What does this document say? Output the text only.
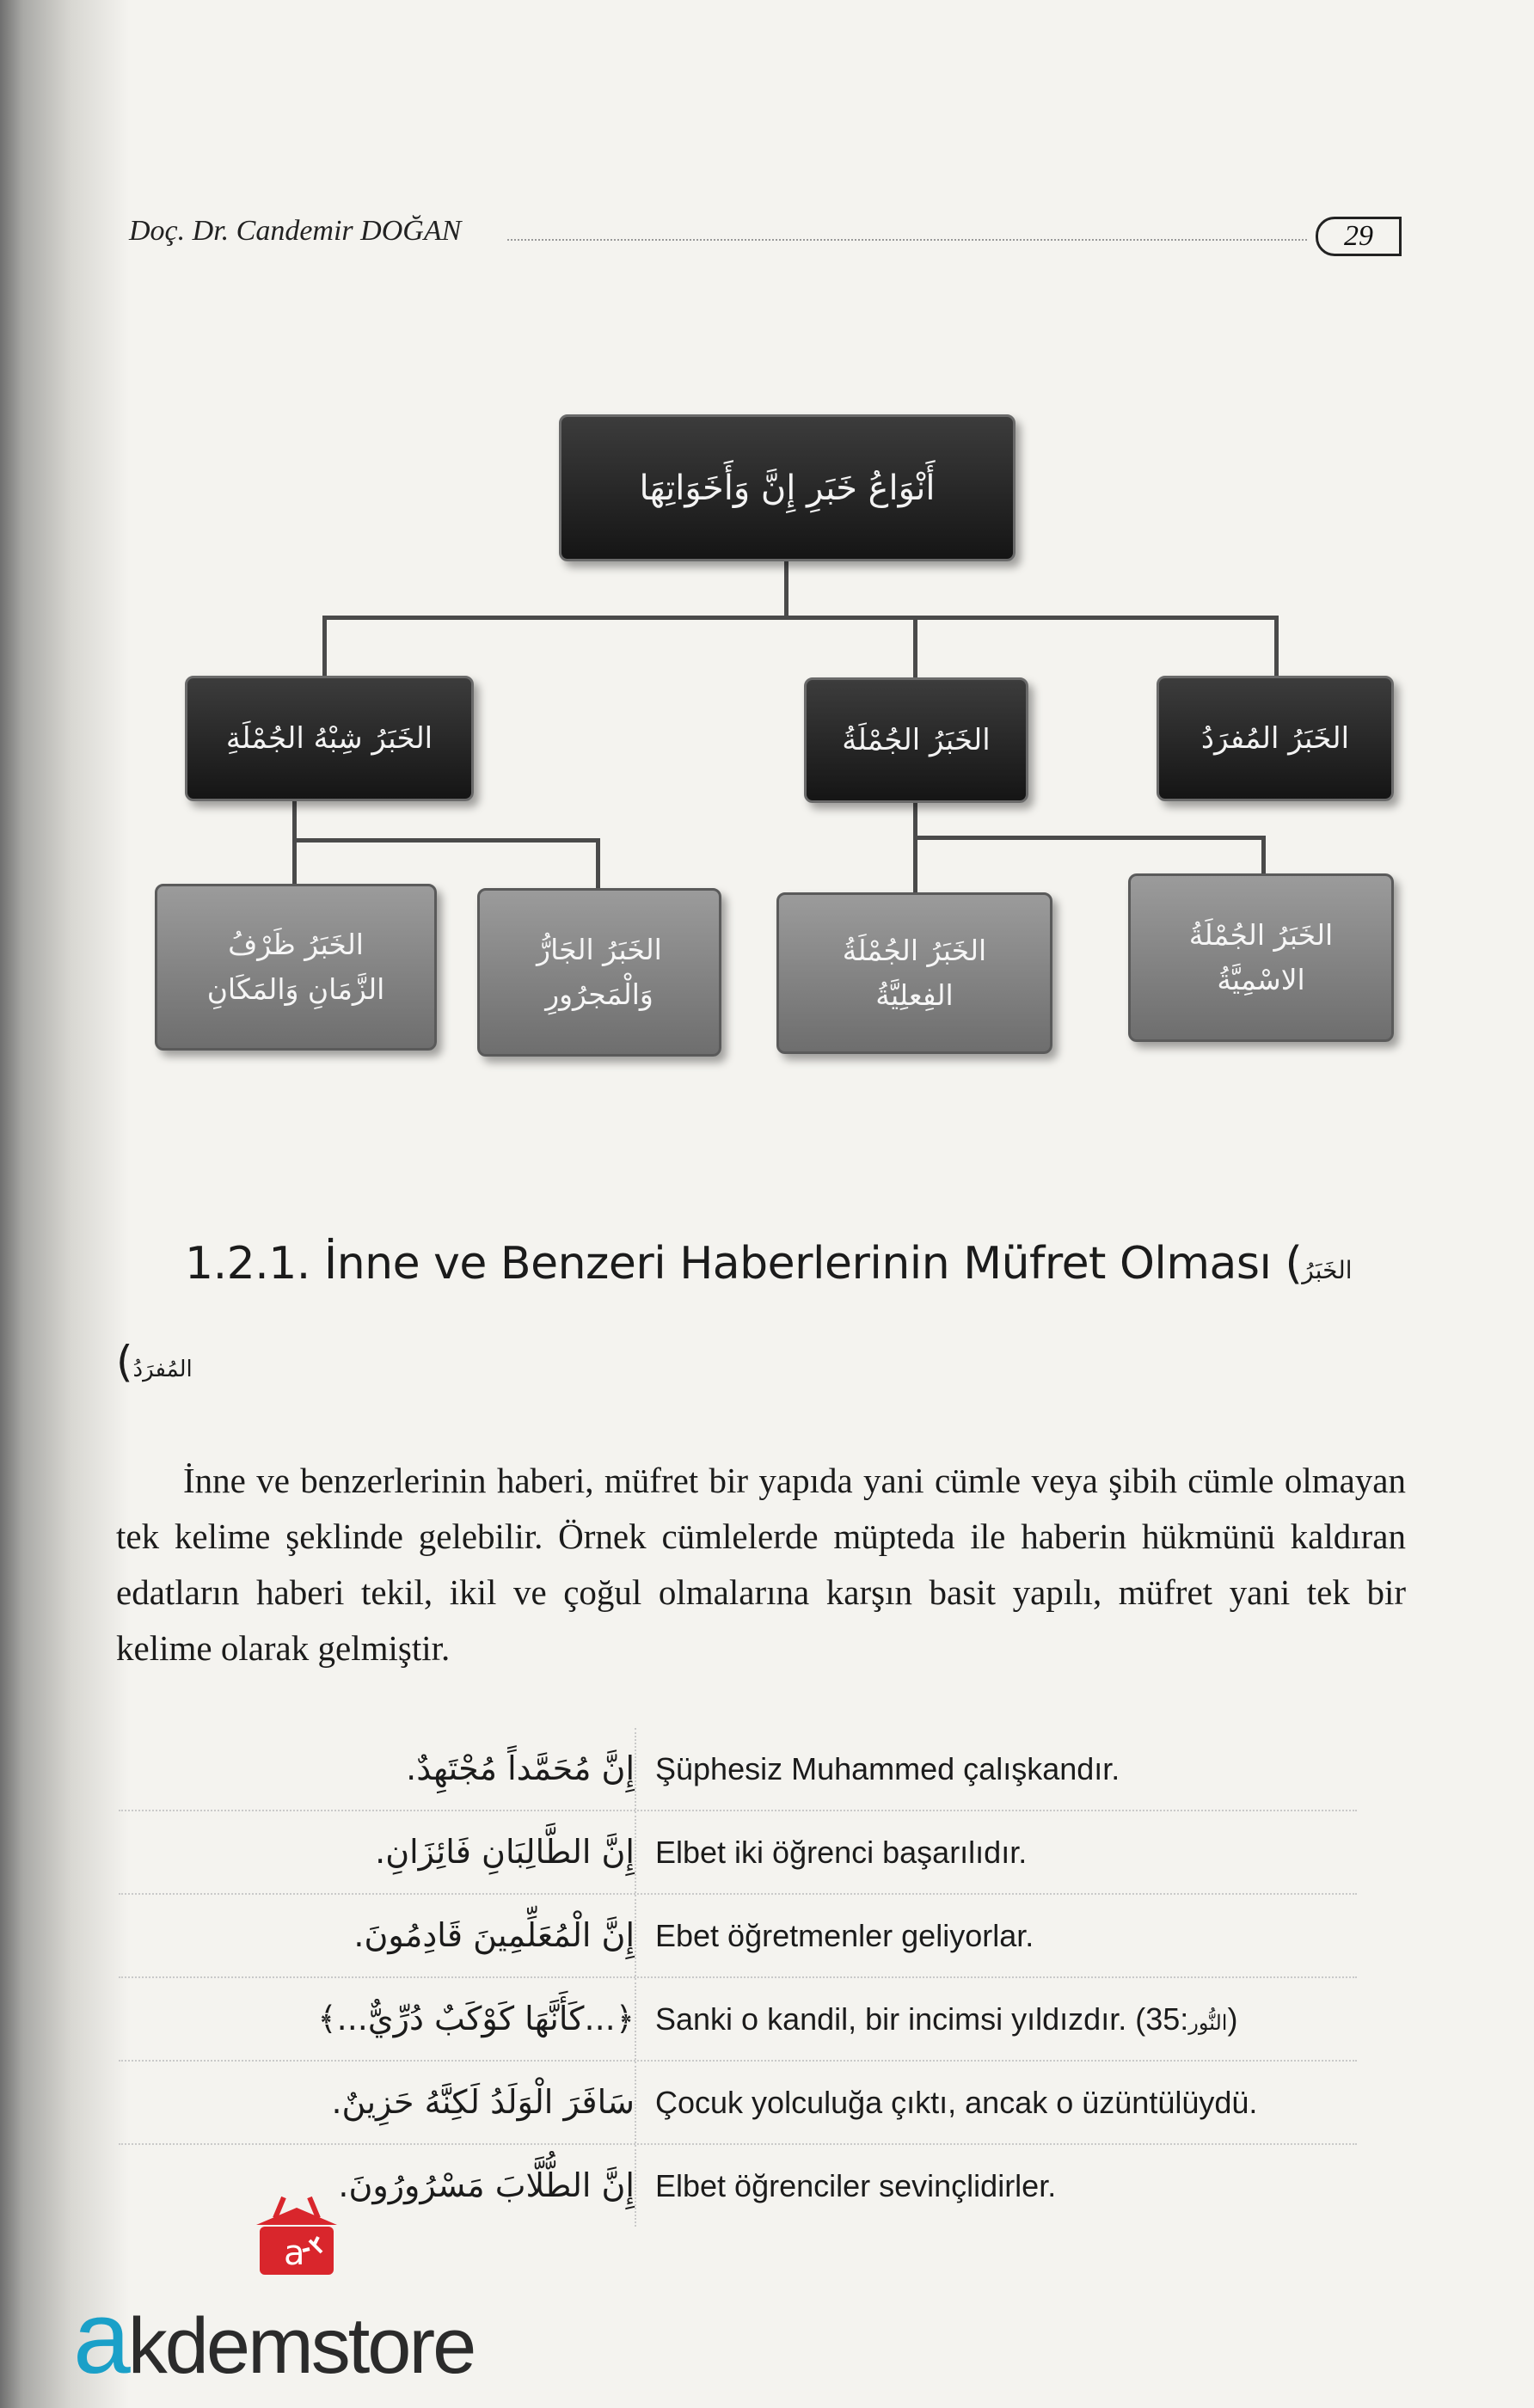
Doç. Dr. Candemir DOĞAN	29
أَنْوَاعُ خَبَرِ إِنَّ وَأَخَوَاتِهَا
الخَبَرُ المُفرَدُ
الخَبَرُ الجُمْلَةُ
الخَبَرُ شِبْهُ الجُمْلَةِ
الخَبَرُ الجُمْلَةُ
الاسْمِيَّةُ
الخَبَرُ الجُمْلَةُ
الفِعلِيَّةُ
الخَبَرُ الجَارُّ
وَالْمَجرُورِ
الخَبَرُ ظَرْفُ
الزَّمَانِ وَالمَكَانِ
1.2.1. İnne ve Benzeri Haberlerinin Müfret Olması (الخَبَرُ
المُفرَدُ)
İnne ve benzerlerinin haberi, müfret bir yapıda yani cümle veya şibih cümle olmayan tek kelime şeklinde gelebilir. Örnek cümlelerde müpteda ile haberin hükmünü kaldıran edatların haberi tekil, ikil ve çoğul olmalarına karşın basit yapılı, müfret yani tek bir kelime olarak gelmiştir.
إِنَّ مُحَمَّداً مُجْتَهِدٌ. Şüphesiz Muhammed çalışkandır.
إِنَّ الطَّالِبَانِ فَائِزَانِ. Elbet iki öğrenci başarılıdır.
إِنَّ الْمُعَلِّمِينَ قَادِمُونَ. Ebet öğretmenler geliyorlar.
﴿...كَأَنَّهَا كَوْكَبٌ دُرِّيٌّ...﴾ Sanki o kandil, bir incimsi yıldızdır. ( النُّور:35)
سَافَرَ الْوَلَدُ لَكِنَّهُ حَزِينٌ. Çocuk yolculuğa çıktı, ancak o üzüntülüydü.
إِنَّ الطُّلَّابَ مَسْرُورُونَ. Elbet öğrenciler sevinçlidirler.
a
akdemstore
